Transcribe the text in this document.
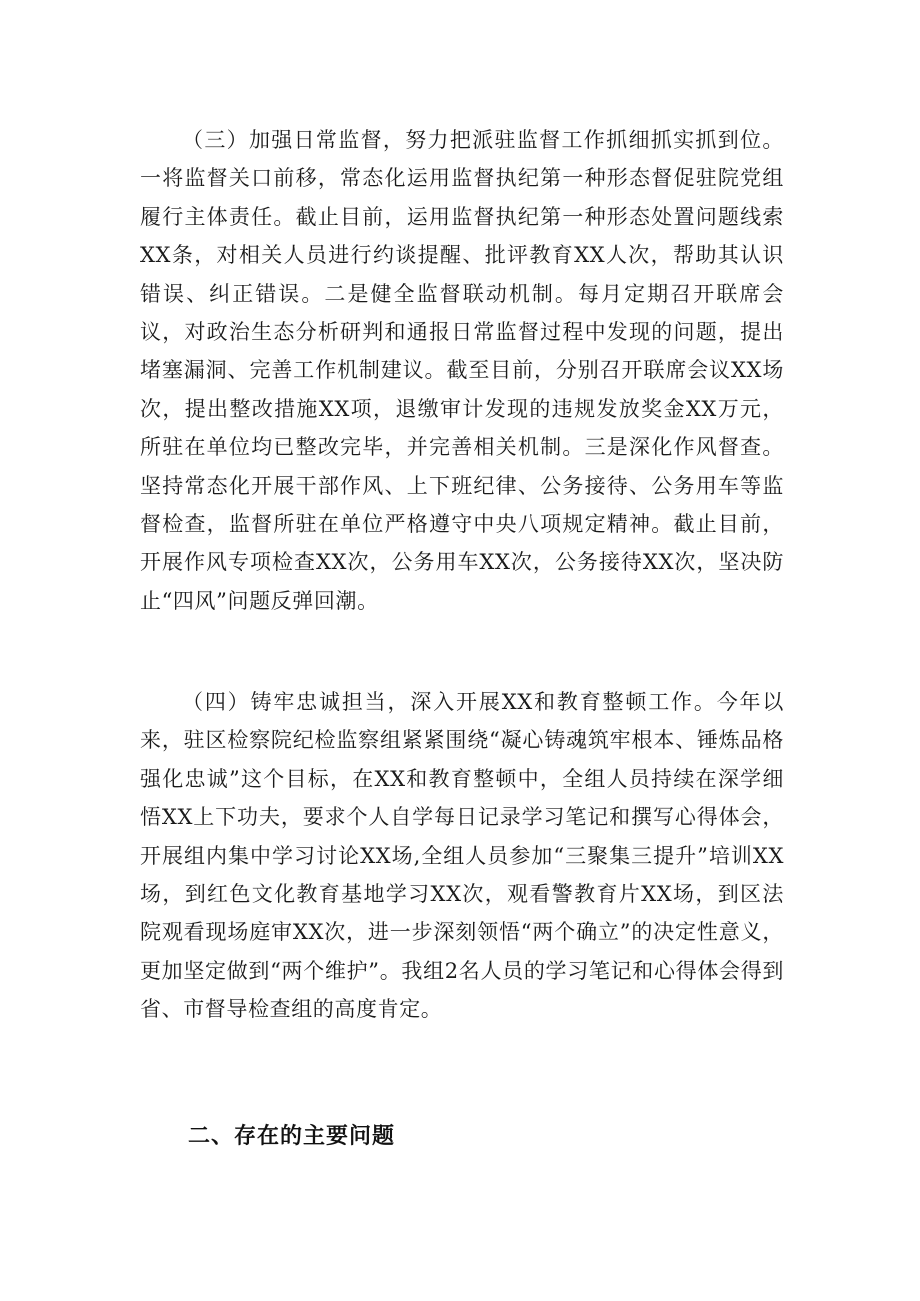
（三）加强日常监督，努力把派驻监督工作抓细抓实抓到位。一将监督关口前移，常态化运用监督执纪第一种形态督促驻院党组履行主体责任。截止目前，运用监督执纪第一种形态处置问题线索XX条，对相关人员进行约谈提醒、批评教育XX人次，帮助其认识错误、纠正错误。二是健全监督联动机制。每月定期召开联席会议，对政治生态分析研判和通报日常监督过程中发现的问题，提出堵塞漏洞、完善工作机制建议。截至目前，分别召开联席会议XX场次，提出整改措施XX项，退缴审计发现的违规发放奖金XX万元，所驻在单位均已整改完毕，并完善相关机制。三是深化作风督查。坚持常态化开展干部作风、上下班纪律、公务接待、公务用车等监督检查，监督所驻在单位严格遵守中央八项规定精神。截止目前，开展作风专项检查XX次，公务用车XX次，公务接待XX次，坚决防止“四风”问题反弹回潮。

（四）铸牢忠诚担当，深入开展XX和教育整顿工作。今年以来，驻区检察院纪检监察组紧紧围绕“凝心铸魂筑牢根本、锤炼品格强化忠诚”这个目标，在XX和教育整顿中，全组人员持续在深学细悟XX上下功夫，要求个人自学每日记录学习笔记和撰写心得体会，开展组内集中学习讨论XX场,全组人员参加“三聚集三提升”培训XX场，到红色文化教育基地学习XX次，观看警教育片XX场，到区法院观看现场庭审XX次，进一步深刻领悟“两个确立”的决定性意义，更加坚定做到“两个维护”。我组2名人员的学习笔记和心得体会得到省、市督导检查组的高度肯定。

二、存在的主要问题
